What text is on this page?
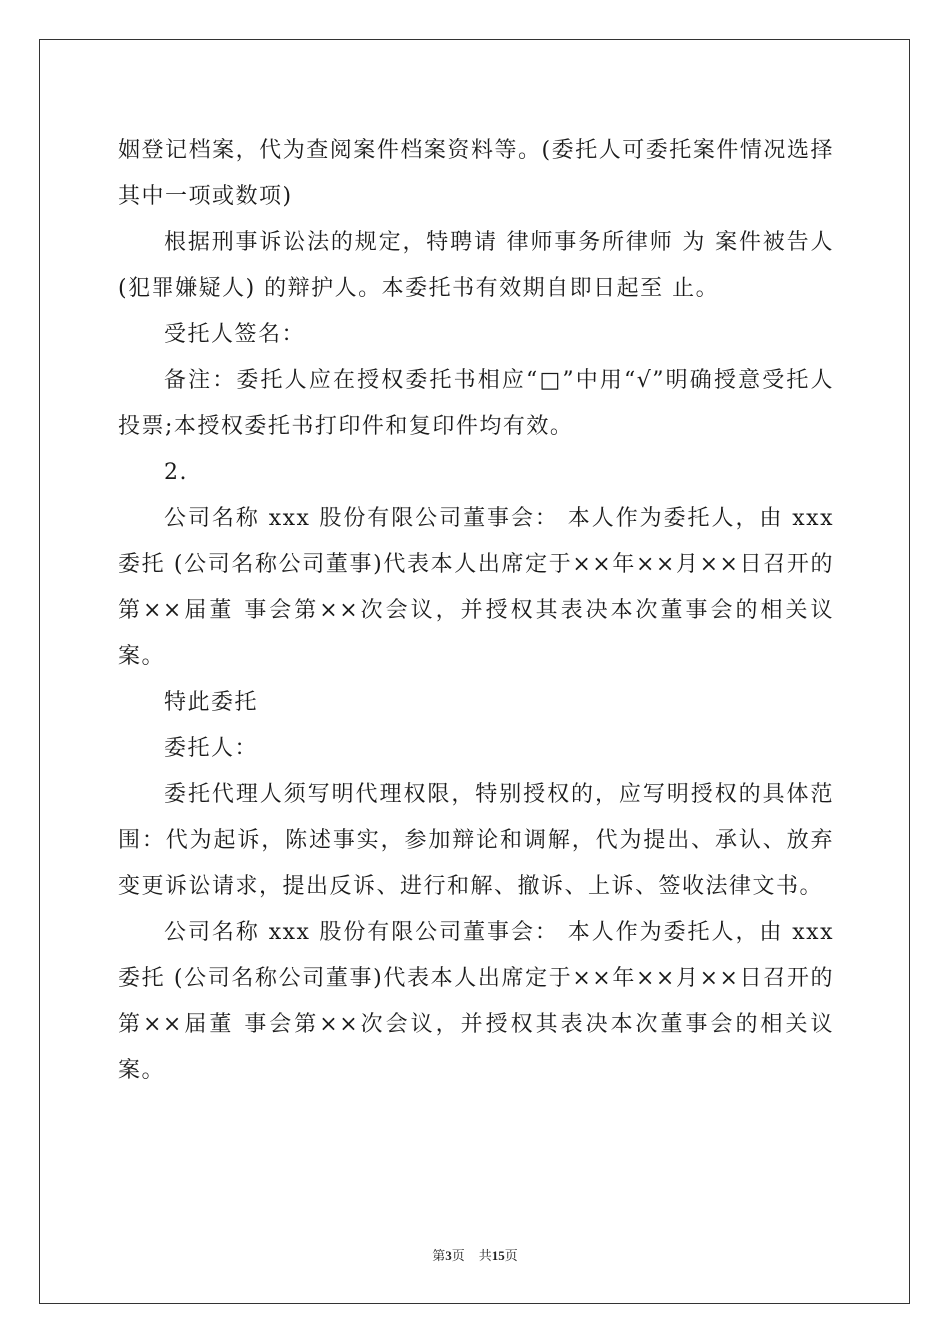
姻登记档案，代为查阅案件档案资料等。(委托人可委托案件情况选择其中一项或数项)

根据刑事诉讼法的规定，特聘请 律师事务所律师 为 案件被告人(犯罪嫌疑人) 的辩护人。本委托书有效期自即日起至 止。

受托人签名：

备注：委托人应在授权委托书相应“□”中用“√”明确授意受托人投票;本授权委托书打印件和复印件均有效。

2.

公司名称 xxx 股份有限公司董事会： 本人作为委托人，由 xxx 委托 (公司名称公司董事)代表本人出席定于××年××月××日召开的第××届董 事会第××次会议，并授权其表决本次董事会的相关议案。

特此委托

委托人：

委托代理人须写明代理权限，特别授权的，应写明授权的具体范围：代为起诉，陈述事实，参加辩论和调解，代为提出、承认、放弃变更诉讼请求，提出反诉、进行和解、撤诉、上诉、签收法律文书。

公司名称 xxx 股份有限公司董事会： 本人作为委托人，由 xxx 委托 (公司名称公司董事)代表本人出席定于××年××月××日召开的第××届董 事会第××次会议，并授权其表决本次董事会的相关议案。

第3页 共15页
